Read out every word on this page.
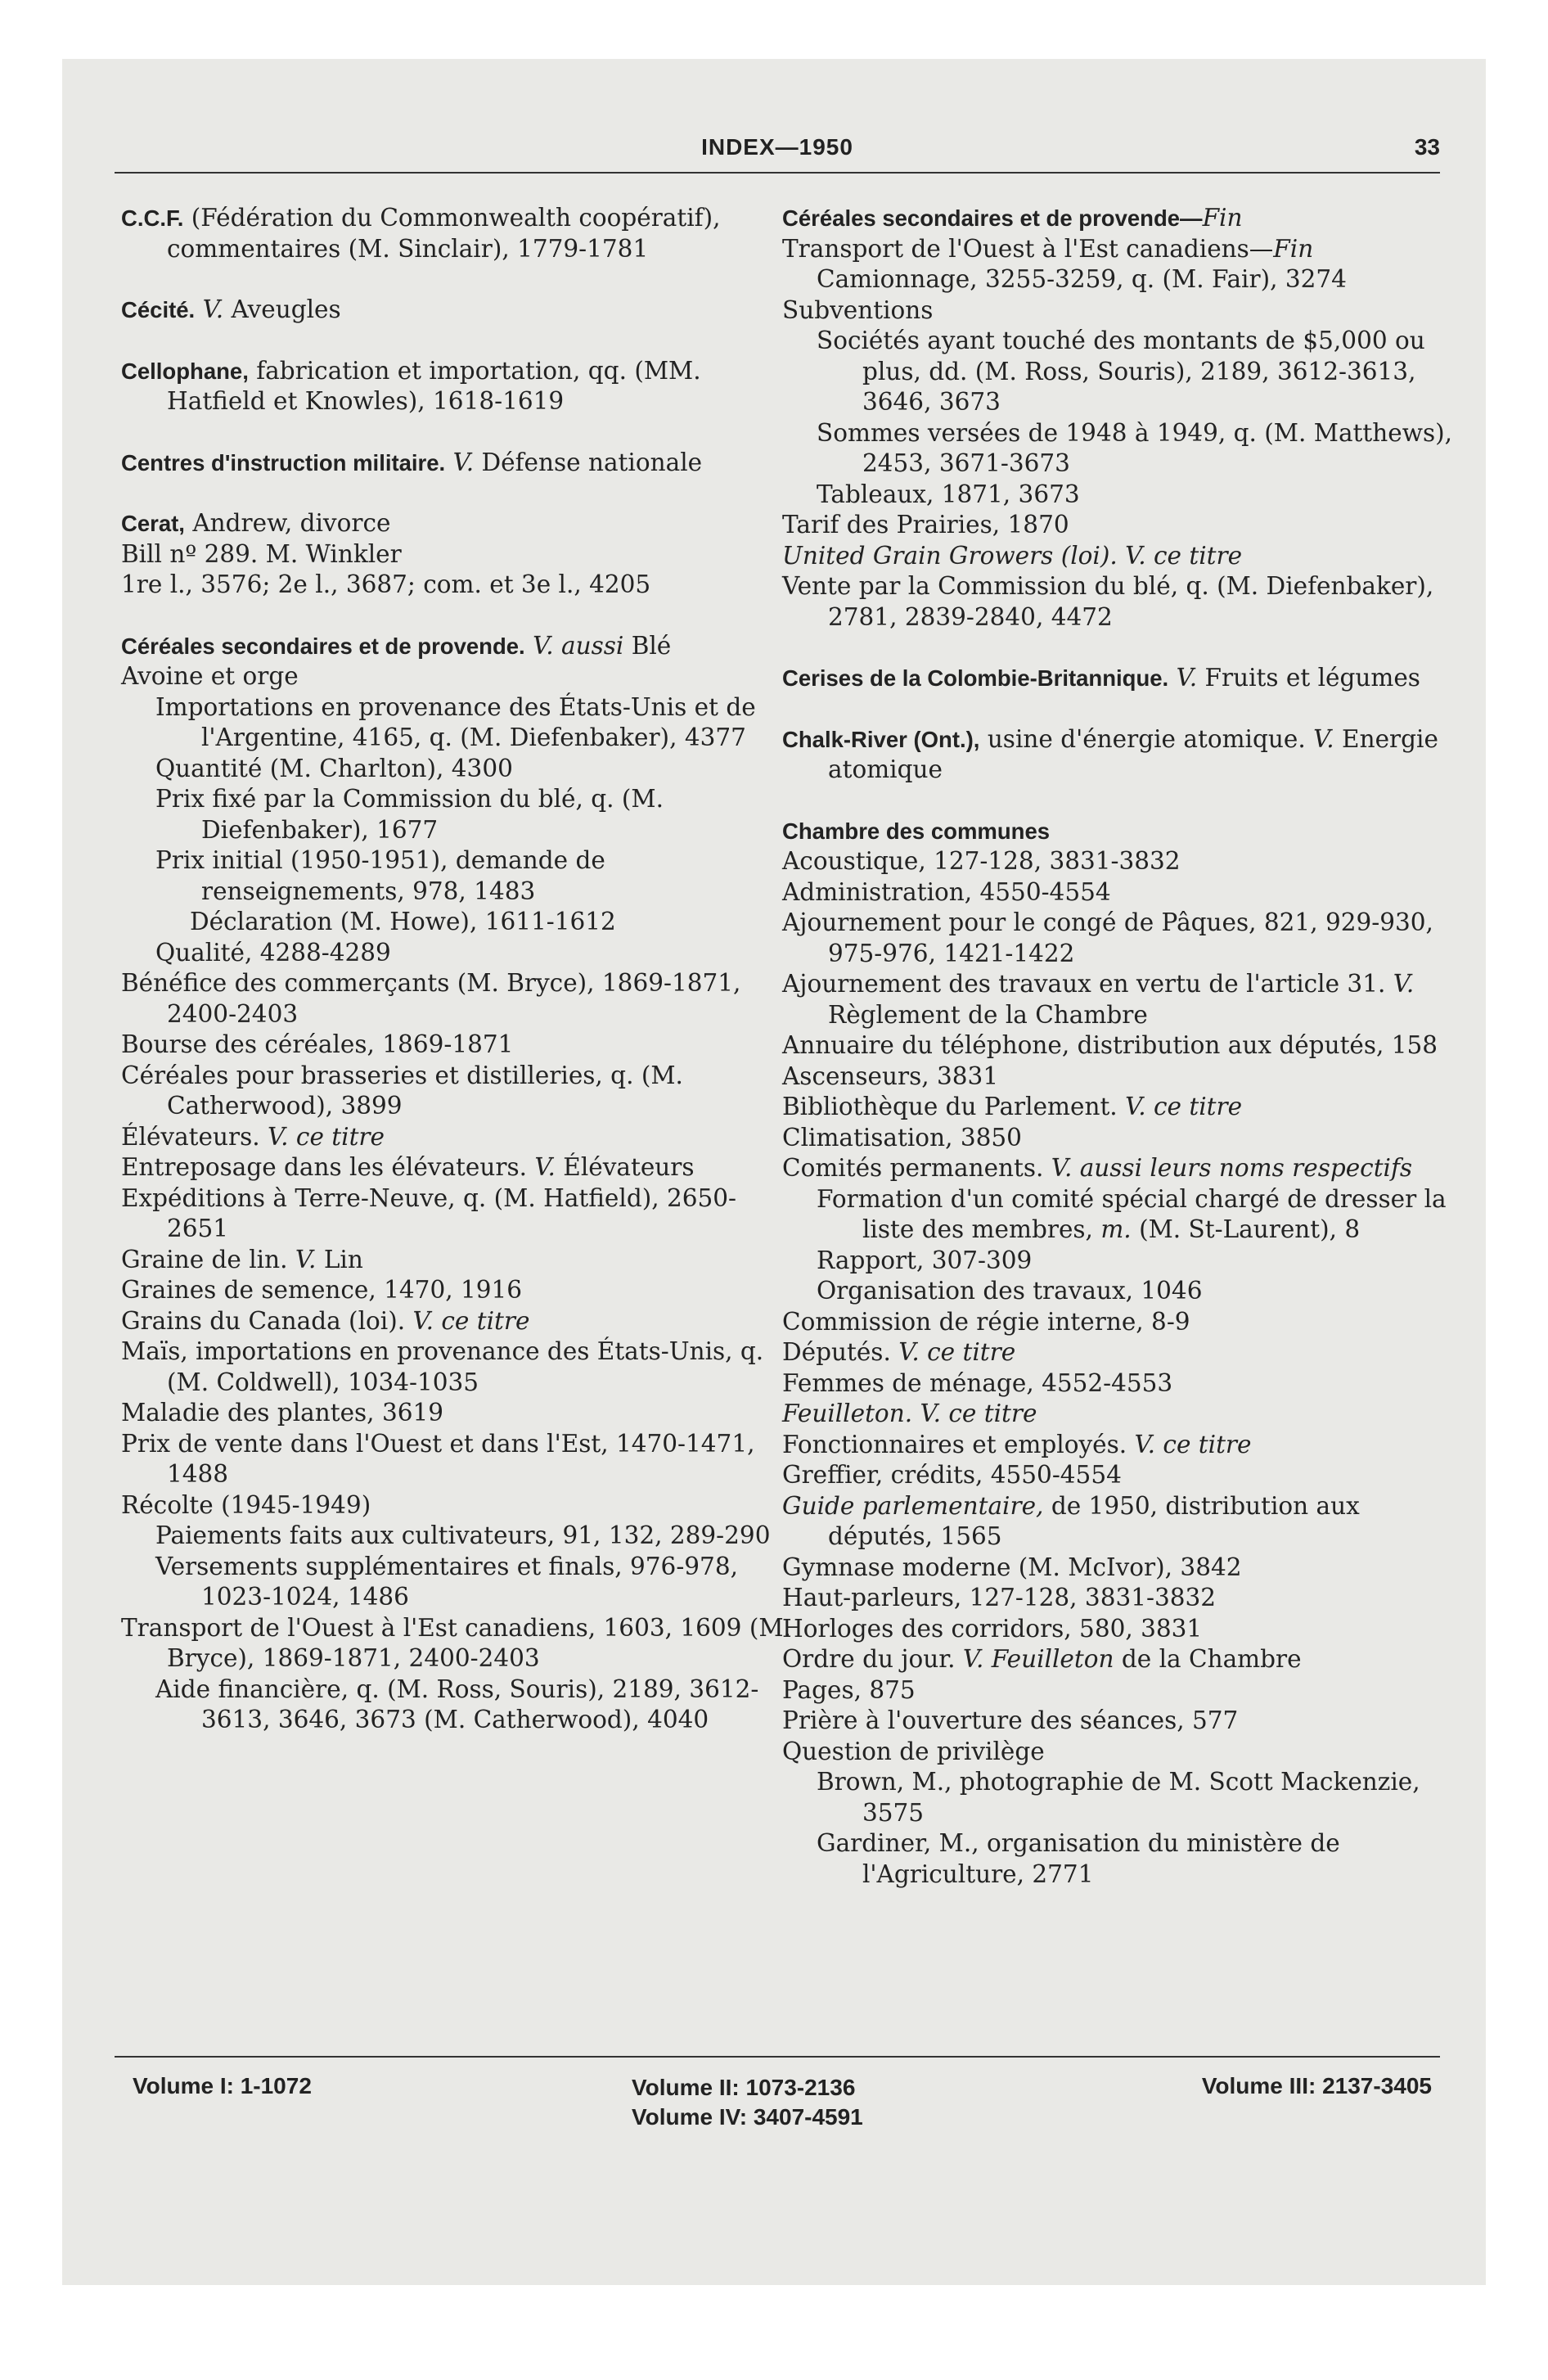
INDEX—1950	33

C.C.F. (Fédération du Commonwealth coopératif), commentaires (M. Sinclair), 1779-1781

Cécité. V. Aveugles

Cellophane, fabrication et importation, qq. (MM. Hatfield et Knowles), 1618-1619

Centres d'instruction militaire. V. Défense nationale

Cerat, Andrew, divorce

Bill nº 289. M. Winkler

1re l., 3576; 2e l., 3687; com. et 3e l., 4205

Céréales secondaires et de provende. V. aussi Blé

Avoine et orge

Importations en provenance des États-Unis et de l'Argentine, 4165, q. (M. Diefenbaker), 4377

Quantité (M. Charlton), 4300

Prix fixé par la Commission du blé, q. (M. Diefenbaker), 1677

Prix initial (1950-1951), demande de renseignements, 978, 1483

Déclaration (M. Howe), 1611-1612

Qualité, 4288-4289

Bénéfice des commerçants (M. Bryce), 1869-1871, 2400-2403

Bourse des céréales, 1869-1871

Céréales pour brasseries et distilleries, q. (M. Catherwood), 3899

Élévateurs. V. ce titre

Entreposage dans les élévateurs. V. Élévateurs

Expéditions à Terre-Neuve, q. (M. Hatfield), 2650-2651

Graine de lin. V. Lin

Graines de semence, 1470, 1916

Grains du Canada (loi). V. ce titre

Maïs, importations en provenance des États-Unis, q. (M. Coldwell), 1034-1035

Maladie des plantes, 3619

Prix de vente dans l'Ouest et dans l'Est, 1470-1471, 1488

Récolte (1945-1949)

Paiements faits aux cultivateurs, 91, 132, 289-290

Versements supplémentaires et finals, 976-978, 1023-1024, 1486

Transport de l'Ouest à l'Est canadiens, 1603, 1609 (M. Bryce), 1869-1871, 2400-2403

Aide financière, q. (M. Ross, Souris), 2189, 3612-3613, 3646, 3673 (M. Catherwood), 4040

Céréales secondaires et de provende—Fin

Transport de l'Ouest à l'Est canadiens—Fin

Camionnage, 3255-3259, q. (M. Fair), 3274

Subventions

Sociétés ayant touché des montants de $5,000 ou plus, dd. (M. Ross, Souris), 2189, 3612-3613, 3646, 3673

Sommes versées de 1948 à 1949, q. (M. Matthews), 2453, 3671-3673

Tableaux, 1871, 3673

Tarif des Prairies, 1870

United Grain Growers (loi). V. ce titre

Vente par la Commission du blé, q. (M. Diefenbaker), 2781, 2839-2840, 4472

Cerises de la Colombie-Britannique. V. Fruits et légumes

Chalk-River (Ont.), usine d'énergie atomique. V. Energie atomique

Chambre des communes

Acoustique, 127-128, 3831-3832

Administration, 4550-4554

Ajournement pour le congé de Pâques, 821, 929-930, 975-976, 1421-1422

Ajournement des travaux en vertu de l'article 31. V. Règlement de la Chambre

Annuaire du téléphone, distribution aux députés, 158

Ascenseurs, 3831

Bibliothèque du Parlement. V. ce titre

Climatisation, 3850

Comités permanents. V. aussi leurs noms respectifs

Formation d'un comité spécial chargé de dresser la liste des membres, m. (M. St-Laurent), 8

Rapport, 307-309

Organisation des travaux, 1046

Commission de régie interne, 8-9

Députés. V. ce titre

Femmes de ménage, 4552-4553

Feuilleton. V. ce titre

Fonctionnaires et employés. V. ce titre

Greffier, crédits, 4550-4554

Guide parlementaire, de 1950, distribution aux députés, 1565

Gymnase moderne (M. McIvor), 3842

Haut-parleurs, 127-128, 3831-3832

Horloges des corridors, 580, 3831

Ordre du jour. V. Feuilleton de la Chambre

Pages, 875

Prière à l'ouverture des séances, 577

Question de privilège

Brown, M., photographie de M. Scott Mackenzie, 3575

Gardiner, M., organisation du ministère de l'Agriculture, 2771

Volume I: 1-1072	Volume II: 1073-2136
Volume IV: 3407-4591
Volume III: 2137-3405
